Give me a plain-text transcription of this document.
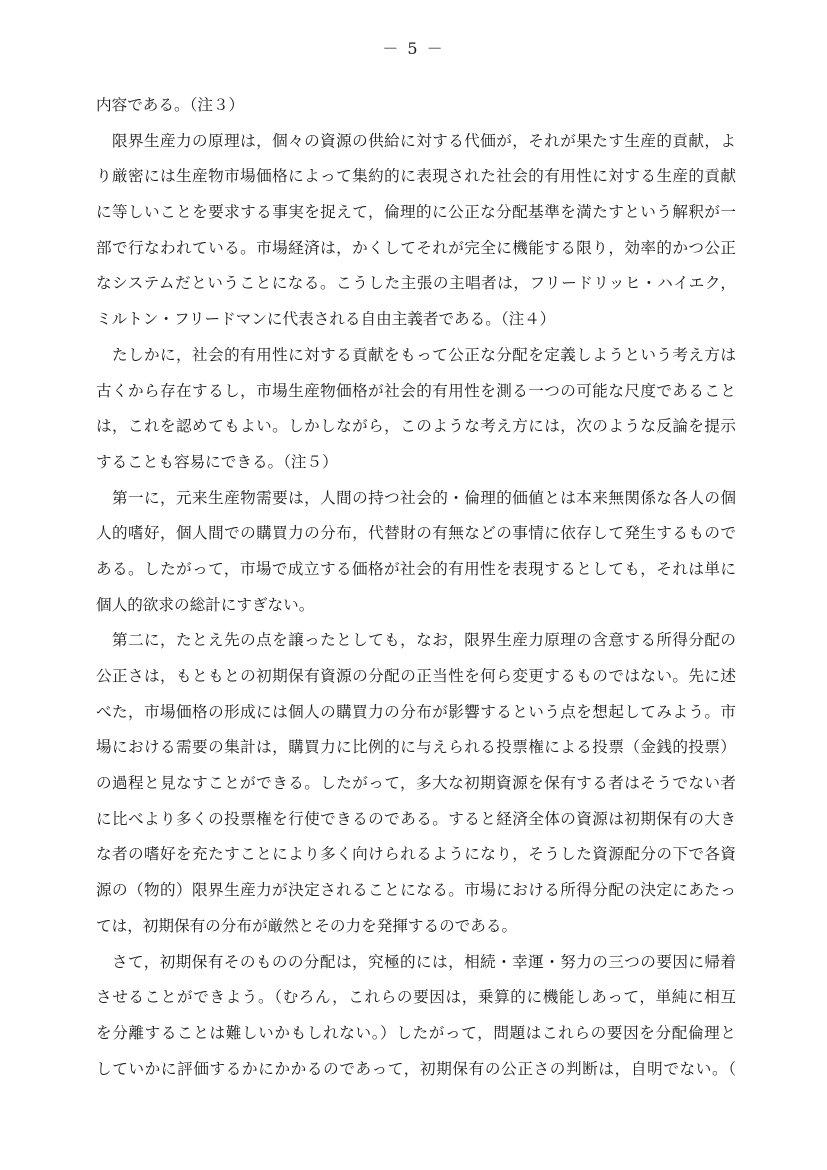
－ 5 －
内容である。（注３）
限界生産力の原理は，個々の資源の供給に対する代価が，それが果たす生産的貢献，よ
り厳密には生産物市場価格によって集約的に表現された社会的有用性に対する生産的貢献
に等しいことを要求する事実を捉えて，倫理的に公正な分配基準を満たすという解釈が一
部で行なわれている。市場経済は，かくしてそれが完全に機能する限り，効率的かつ公正
なシステムだということになる。こうした主張の主唱者は，フリードリッヒ・ハイエク，
ミルトン・フリードマンに代表される自由主義者である。（注４）
たしかに，社会的有用性に対する貢献をもって公正な分配を定義しようという考え方は
古くから存在するし，市場生産物価格が社会的有用性を測る一つの可能な尺度であること
は，これを認めてもよい。しかしながら，このような考え方には，次のような反論を提示
することも容易にできる。（注５）
第一に，元来生産物需要は，人間の持つ社会的・倫理的価値とは本来無関係な各人の個
人的嗜好，個人間での購買力の分布，代替財の有無などの事情に依存して発生するもので
ある。したがって，市場で成立する価格が社会的有用性を表現するとしても，それは単に
個人的欲求の総計にすぎない。
第二に，たとえ先の点を譲ったとしても，なお，限界生産力原理の含意する所得分配の
公正さは，もともとの初期保有資源の分配の正当性を何ら変更するものではない。先に述
べた，市場価格の形成には個人の購買力の分布が影響するという点を想起してみよう。市
場における需要の集計は，購買力に比例的に与えられる投票権による投票（金銭的投票）
の過程と見なすことができる。したがって，多大な初期資源を保有する者はそうでない者
に比べより多くの投票権を行使できるのである。すると経済全体の資源は初期保有の大き
な者の嗜好を充たすことにより多く向けられるようになり，そうした資源配分の下で各資
源の（物的）限界生産力が決定されることになる。市場における所得分配の決定にあたっ
ては，初期保有の分布が厳然とその力を発揮するのである。
さて，初期保有そのものの分配は，究極的には，相続・幸運・努力の三つの要因に帰着
させることができよう。（むろん，これらの要因は，乗算的に機能しあって，単純に相互
を分離することは難しいかもしれない。）したがって，問題はこれらの要因を分配倫理と
していかに評価するかにかかるのであって，初期保有の公正さの判断は，自明でない。（
